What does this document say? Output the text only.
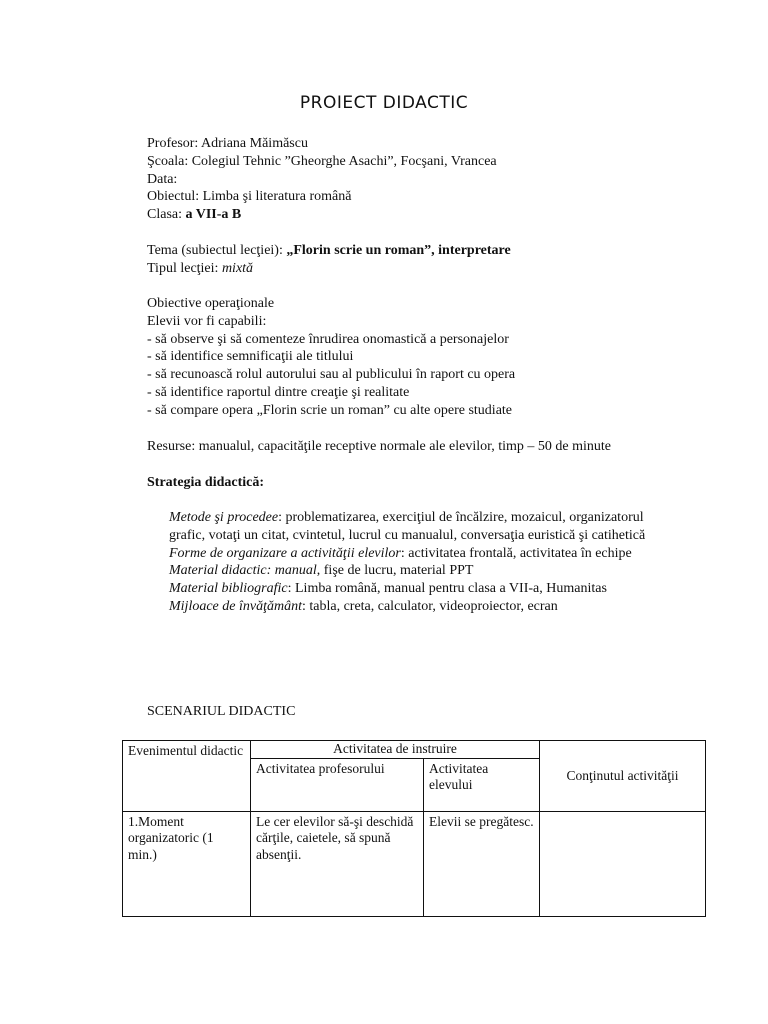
PROIECT DIDACTIC
Profesor: Adriana Măimăscu
Şcoala: Colegiul Tehnic ”Gheorghe Asachi”, Focşani, Vrancea
Data:
Obiectul: Limba şi literatura română
Clasa: a VII-a B
Tema (subiectul lecţiei): „Florin scrie un roman”, interpretare
Tipul lecţiei: mixtă
Obiective operaţionale
Elevii vor fi capabili:
- să observe şi să comenteze înrudirea onomastică a personajelor
- să identifice semnificaţii ale titlului
- să recunoască rolul autorului sau al publicului în raport cu opera
- să identifice raportul dintre creaţie şi realitate
- să compare opera „Florin scrie un roman” cu alte opere studiate
Resurse: manualul, capacităţile receptive normale ale elevilor, timp – 50 de minute
Strategia didactică:
Metode şi procedee: problematizarea, exerciţiul de încălzire, mozaicul, organizatorul grafic, votaţi un citat, cvintetul, lucrul cu manualul, conversaţia euristică şi catihetică
Forme de organizare a activităţii elevilor: activitatea frontală, activitatea în echipe
Material didactic: manual, fişe de lucru, material PPT
Material bibliografic: Limba română, manual pentru clasa a VII-a, Humanitas
Mijloace de învăţământ: tabla, creta, calculator, videoproiector, ecran
SCENARIUL DIDACTIC
Evenimentul didactic	Activitatea de instruire		Conţinutul activităţii
	Activitatea profesorului	Activitatea elevului	
1.Moment organizatoric (1 min.)	Le cer elevilor să-şi deschidă cărţile, caietele, să spună absenţii.	Elevii se pregătesc.	
